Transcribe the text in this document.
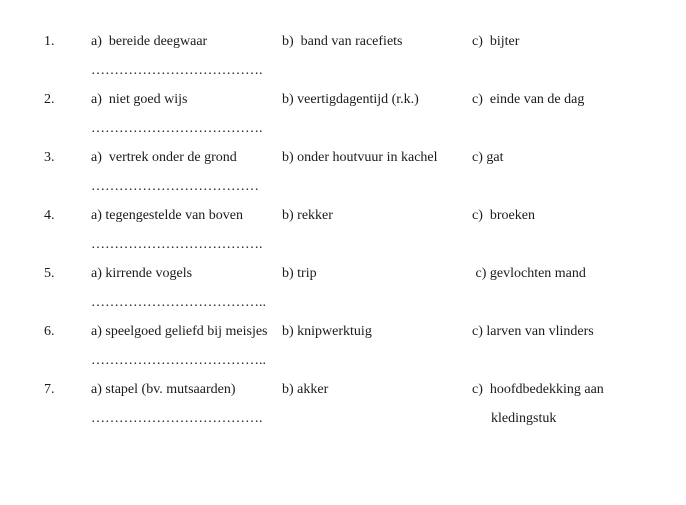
1.	a)  bereide deegwaar	b)  band van racefiets	c)  bijter
……………………………….
2.	a)  niet goed wijs	b) veertigdagentijd (r.k.)	c)  einde van de dag
……………………………….
3.	a)  vertrek onder de grond	b) onder houtvuur in kachel c) gat
………………………………
4.	a) tegengestelde van boven	b) rekker	c)  broeken
……………………………….
5.	a) kirrende vogels	b) trip	c) gevlochten mand
………………………………..
6.	a) speelgoed geliefd bij meisjes b) knipwerktuig	c) larven van vlinders
………………………………..
7.	a) stapel (bv. mutsaarden)	b) akker	c)  hoofdbedekking aan
……………………………….	kledingstuk
